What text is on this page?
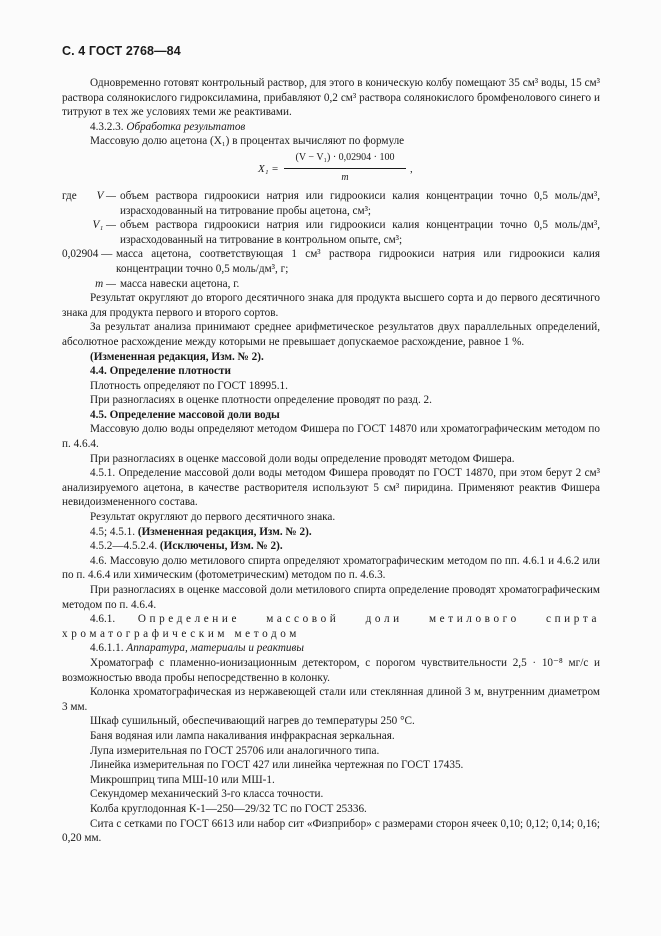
С. 4 ГОСТ 2768—84

Одновременно готовят контрольный раствор, для этого в коническую колбу помещают 35 см³ воды, 15 см³ раствора солянокислого гидроксиламина, прибавляют 0,2 см³ раствора солянокислого бромфенолового синего и титруют в тех же условиях теми же реактивами.

4.3.2.3. Обработка результатов

Массовую долю ацетона (X₁) в процентах вычисляют по формуле

$X_1 = \frac{\text{(V − V₁) · 0,02904 · 100}}{m}$ ,
где	V — объем раствора гидроокиси натрия или гидроокиси калия концентрации точно 0,5 моль/дм³, израсходованный на титрование пробы ацетона, см³;
V₁ — объем раствора гидроокиси натрия или гидроокиси калия концентрации точно 0,5 моль/дм³, израсходованный на титрование в контрольном опыте, см³;
0,02904 — масса ацетона, соответствующая 1 см³ раствора гидроокиси натрия или гидроокиси калия концентрации точно 0,5 моль/дм³, г;
m — масса навески ацетона, г.

Результат округляют до второго десятичного знака для продукта высшего сорта и до первого десятичного знака для продукта первого и второго сортов.

За результат анализа принимают среднее арифметическое результатов двух параллельных определений, абсолютное расхождение между которыми не превышает допускаемое расхождение, равное 1 %.

(Измененная редакция, Изм. № 2).

4.4. Определение плотности

Плотность определяют по ГОСТ 18995.1.

При разногласиях в оценке плотности определение проводят по разд. 2.

4.5. Определение массовой доли воды

Массовую долю воды определяют методом Фишера по ГОСТ 14870 или хроматографическим методом по п. 4.6.4.

При разногласиях в оценке массовой доли воды определение проводят методом Фишера.

4.5.1. Определение массовой доли воды методом Фишера проводят по ГОСТ 14870, при этом берут 2 см³ анализируемого ацетона, в качестве растворителя используют 5 см³ пиридина. Применяют реактив Фишера невидоизмененного состава.

Результат округляют до первого десятичного знака.

4.5; 4.5.1. (Измененная редакция, Изм. № 2).

4.5.2—4.5.2.4. (Исключены, Изм. № 2).

4.6. Массовую долю метилового спирта определяют хроматографическим методом по пп. 4.6.1 и 4.6.2 или по п. 4.6.4 или химическим (фотометрическим) методом по п. 4.6.3.

При разногласиях в оценке массовой доли метилового спирта определение проводят хроматографическим методом по п. 4.6.4.

4.6.1. Определение массовой доли метилового спирта хроматографическим методом

4.6.1.1. Аппаратура, материалы и реактивы

Хроматограф с пламенно-ионизационным детектором, с порогом чувствительности 2,5 · 10⁻⁸ мг/с и возможностью ввода пробы непосредственно в колонку.

Колонка хроматографическая из нержавеющей стали или стеклянная длиной 3 м, внутренним диаметром 3 мм.

Шкаф сушильный, обеспечивающий нагрев до температуры 250 °С.

Баня водяная или лампа накаливания инфракрасная зеркальная.

Лупа измерительная по ГОСТ 25706 или аналогичного типа.

Линейка измерительная по ГОСТ 427 или линейка чертежная по ГОСТ 17435.

Микрошприц типа МШ-10 или МШ-1.

Секундомер механический 3-го класса точности.

Колба круглодонная К-1—250—29/32 ТС по ГОСТ 25336.

Сита с сетками по ГОСТ 6613 или набор сит «Физприбор» с размерами сторон ячеек 0,10; 0,12; 0,14; 0,16; 0,20 мм.
